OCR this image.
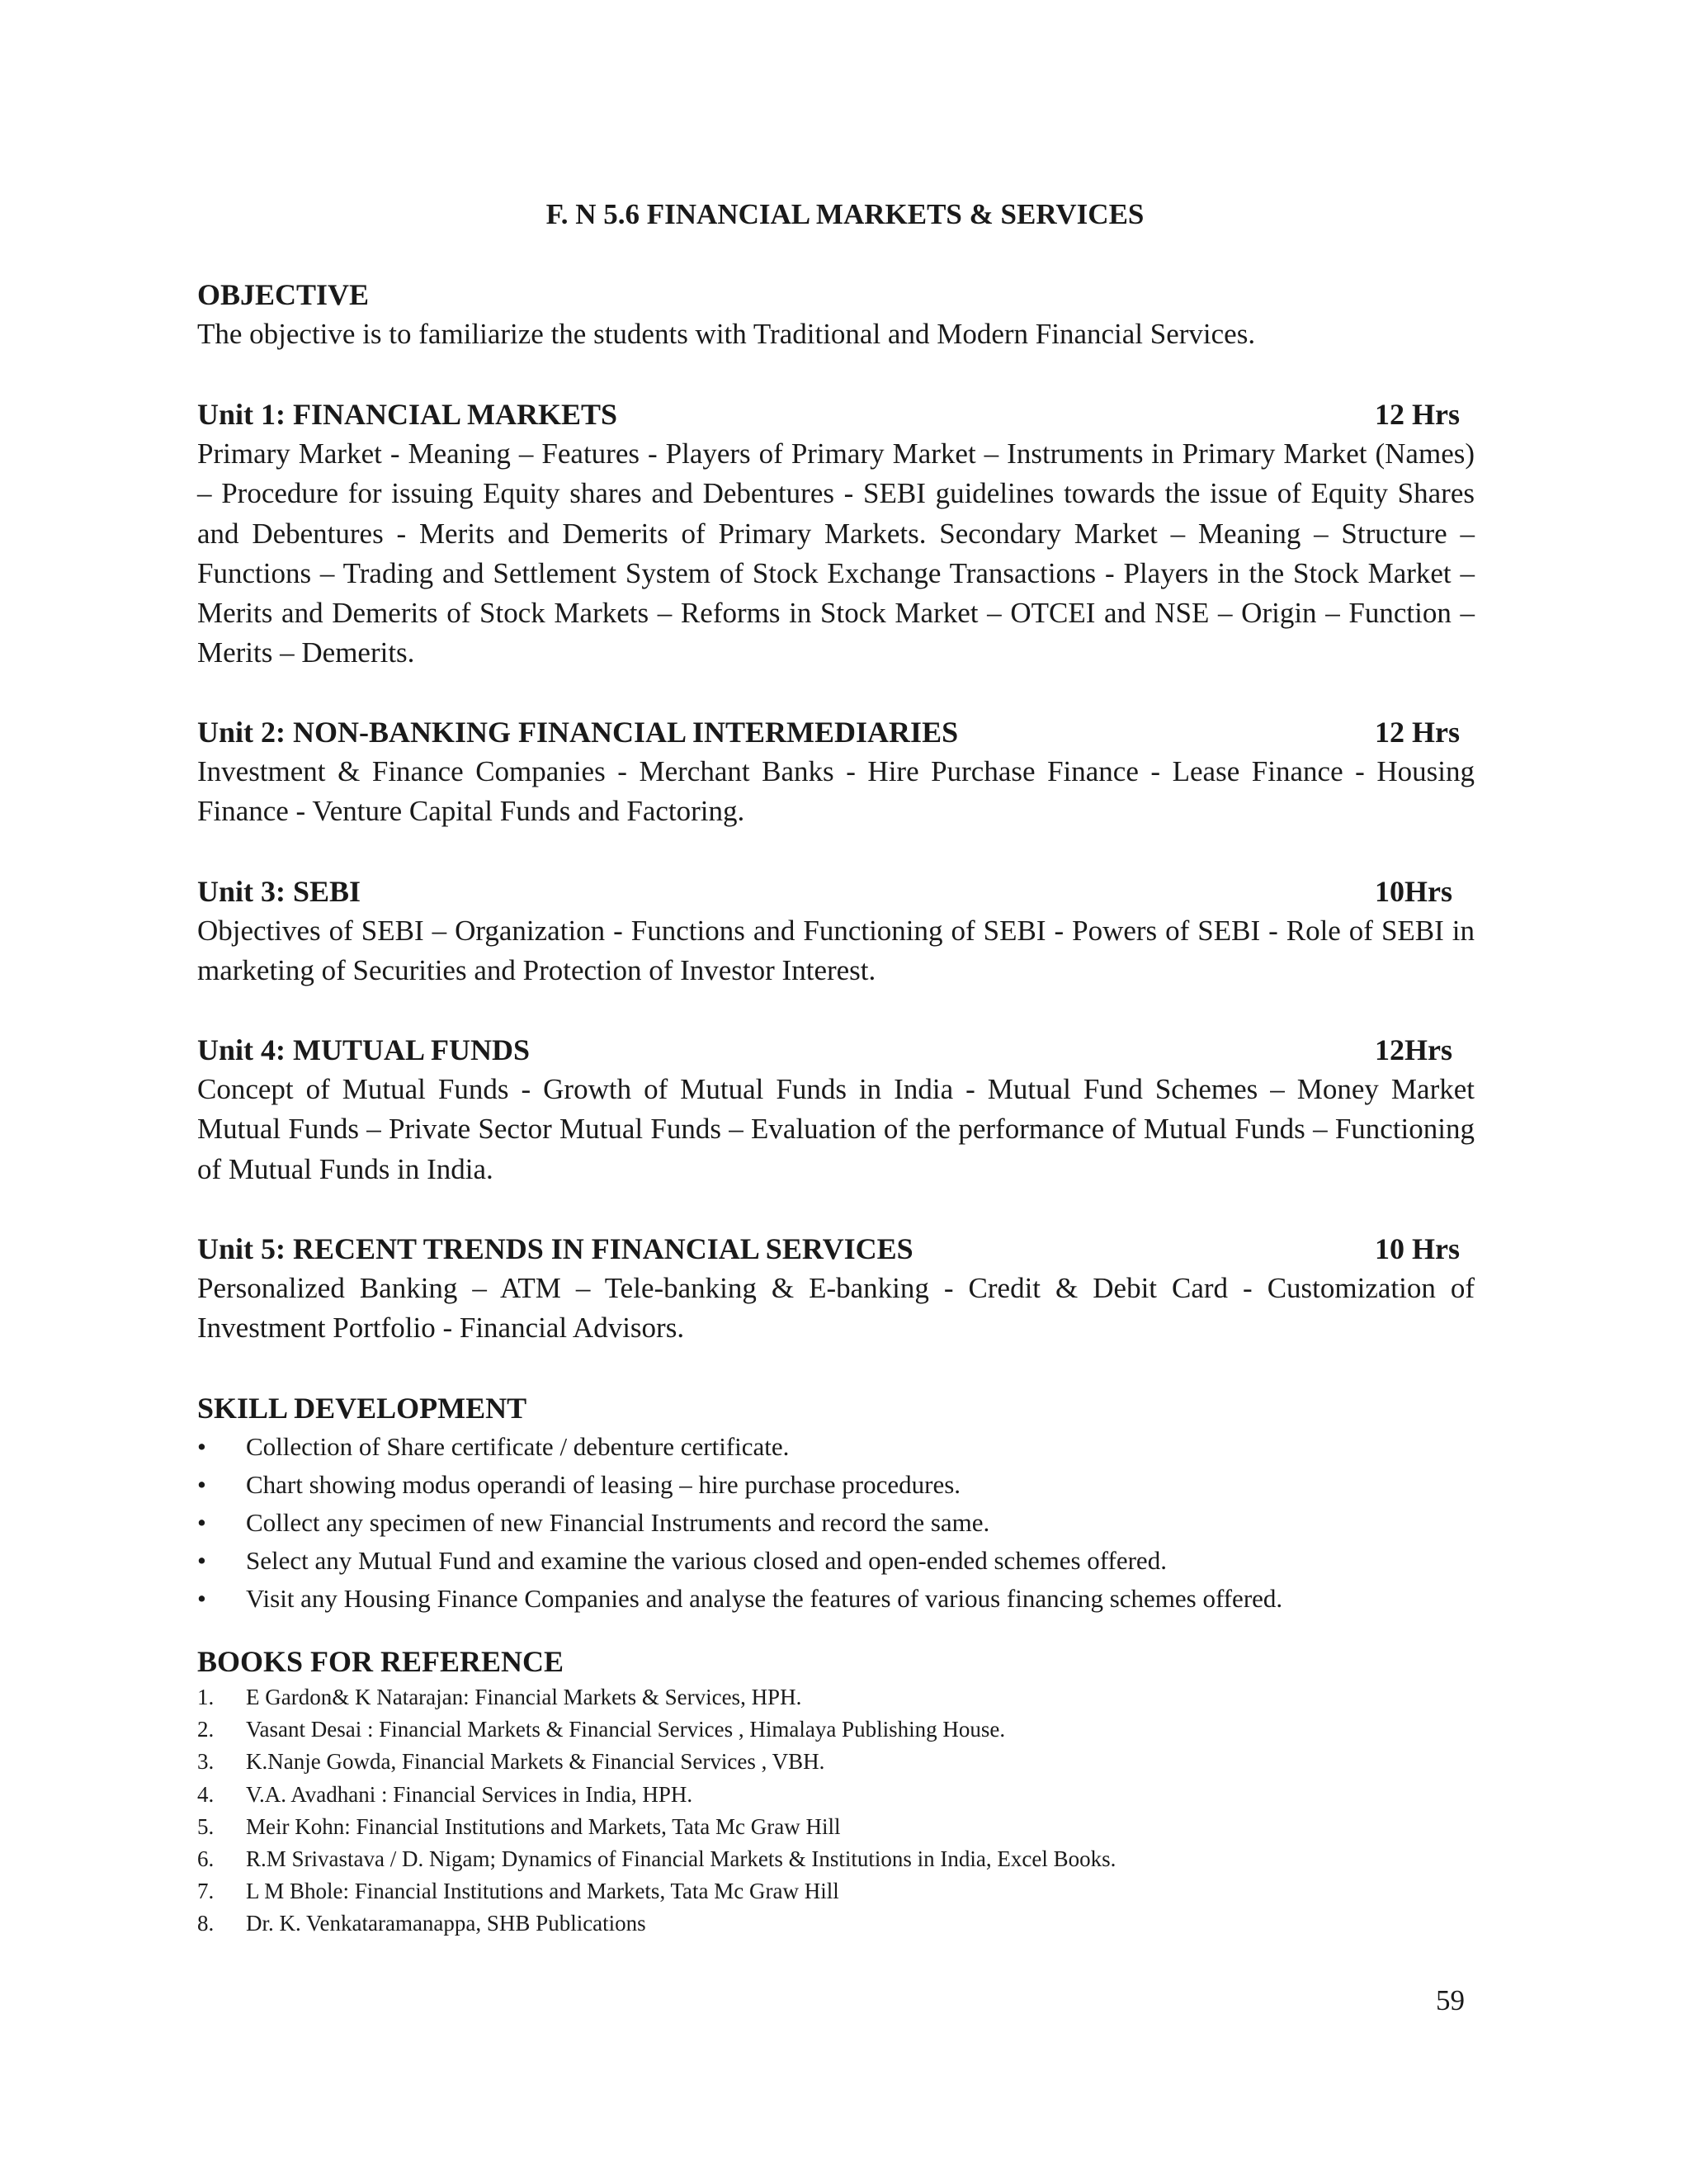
F. N 5.6 FINANCIAL MARKETS & SERVICES
OBJECTIVE

The objective is to familiarize the students with Traditional and Modern Financial Services.

Unit 1: FINANCIAL MARKETS	12 Hrs

Primary Market - Meaning – Features - Players of Primary Market – Instruments in Primary Market (Names) – Procedure for issuing Equity shares and Debentures - SEBI guidelines towards the issue of Equity Shares and Debentures - Merits and Demerits of Primary Markets. Secondary Market – Meaning – Structure – Functions – Trading and Settlement System of Stock Exchange Transactions - Players in the Stock Market – Merits and Demerits of Stock Markets – Reforms in Stock Market – OTCEI and NSE – Origin – Function – Merits – Demerits.

Unit 2: NON-BANKING FINANCIAL INTERMEDIARIES	12 Hrs

Investment & Finance Companies - Merchant Banks - Hire Purchase Finance - Lease Finance - Housing Finance - Venture Capital Funds and Factoring.

Unit 3: SEBI	10Hrs

Objectives of SEBI – Organization - Functions and Functioning of SEBI - Powers of SEBI - Role of SEBI in marketing of Securities and Protection of Investor Interest.

Unit 4: MUTUAL FUNDS	12Hrs

Concept of Mutual Funds - Growth of Mutual Funds in India - Mutual Fund Schemes – Money Market Mutual Funds – Private Sector Mutual Funds – Evaluation of the performance of Mutual Funds – Functioning of Mutual Funds in India.

Unit 5: RECENT TRENDS IN FINANCIAL SERVICES	10 Hrs

Personalized Banking – ATM – Tele-banking & E-banking - Credit & Debit Card - Customization of Investment Portfolio - Financial Advisors.

SKILL DEVELOPMENT
• Collection of Share certificate / debenture certificate.
• Chart showing modus operandi of leasing – hire purchase procedures.
• Collect any specimen of new Financial Instruments and record the same.
• Select any Mutual Fund and examine the various closed and open-ended schemes offered.
• Visit any Housing Finance Companies and analyse the features of various financing schemes offered.
BOOKS FOR REFERENCE
1. E Gardon& K Natarajan: Financial Markets & Services, HPH.
2. Vasant Desai : Financial Markets & Financial Services , Himalaya Publishing House.
3. K.Nanje Gowda, Financial Markets & Financial Services , VBH.
4. V.A. Avadhani : Financial Services in India, HPH.
5. Meir Kohn: Financial Institutions and Markets, Tata Mc Graw Hill
6. R.M Srivastava / D. Nigam; Dynamics of Financial Markets & Institutions in India, Excel Books.
7. L M Bhole: Financial Institutions and Markets, Tata Mc Graw Hill
8. Dr. K. Venkataramanappa, SHB Publications
59
